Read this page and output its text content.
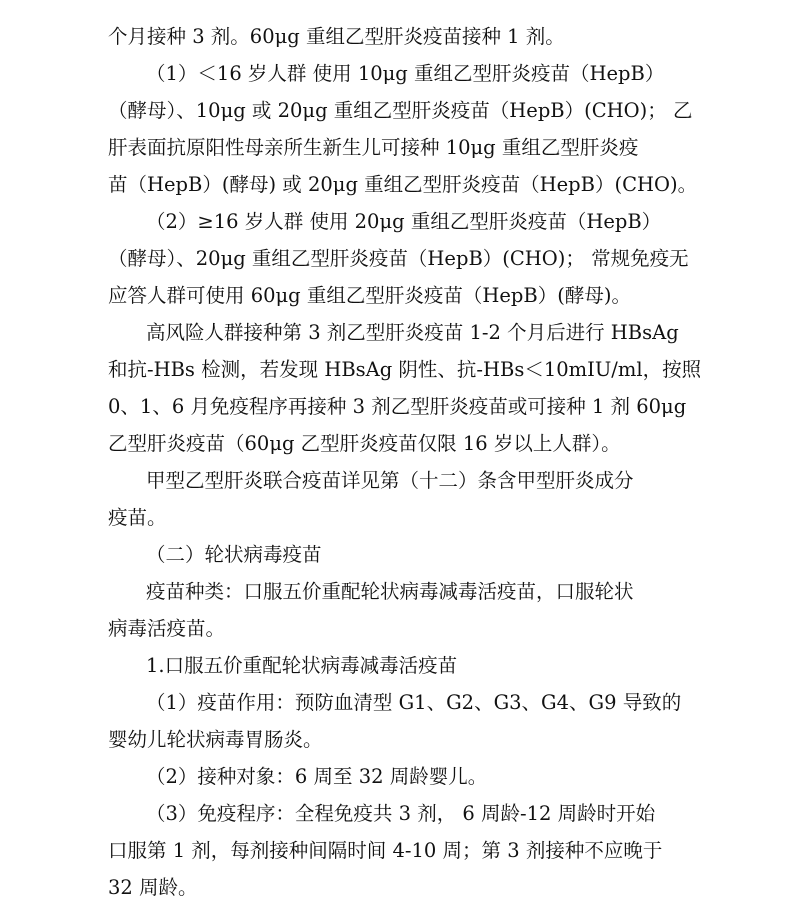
个月接种 3 剂。60μg 重组乙型肝炎疫苗接种 1 剂。
（1）＜16 岁人群 使用 10μg 重组乙型肝炎疫苗（HepB）
（酵母）、10μg 或 20μg 重组乙型肝炎疫苗（HepB）(CHO)； 乙
肝表面抗原阳性母亲所生新生儿可接种 10μg 重组乙型肝炎疫
苗（HepB）(酵母) 或 20μg 重组乙型肝炎疫苗（HepB）(CHO)。
（2）≥16 岁人群 使用 20μg 重组乙型肝炎疫苗（HepB）
（酵母）、20μg 重组乙型肝炎疫苗（HepB）(CHO)； 常规免疫无
应答人群可使用 60μg 重组乙型肝炎疫苗（HepB）(酵母)。
高风险人群接种第 3 剂乙型肝炎疫苗 1-2 个月后进行 HBsAg
和抗-HBs 检测，若发现 HBsAg 阴性、抗-HBs＜10mIU/ml，按照
0、1、6 月免疫程序再接种 3 剂乙型肝炎疫苗或可接种 1 剂 60μg
乙型肝炎疫苗（60μg 乙型肝炎疫苗仅限 16 岁以上人群）。
甲型乙型肝炎联合疫苗详见第（十二）条含甲型肝炎成分
疫苗。
（二）轮状病毒疫苗
疫苗种类：口服五价重配轮状病毒减毒活疫苗，口服轮状
病毒活疫苗。
1.口服五价重配轮状病毒减毒活疫苗
（1）疫苗作用：预防血清型 G1、G2、G3、G4、G9 导致的
婴幼儿轮状病毒胃肠炎。
（2）接种对象：6 周至 32 周龄婴儿。
（3）免疫程序：全程免疫共 3 剂， 6 周龄-12 周龄时开始
口服第 1 剂，每剂接种间隔时间 4-10 周；第 3 剂接种不应晚于
32 周龄。
